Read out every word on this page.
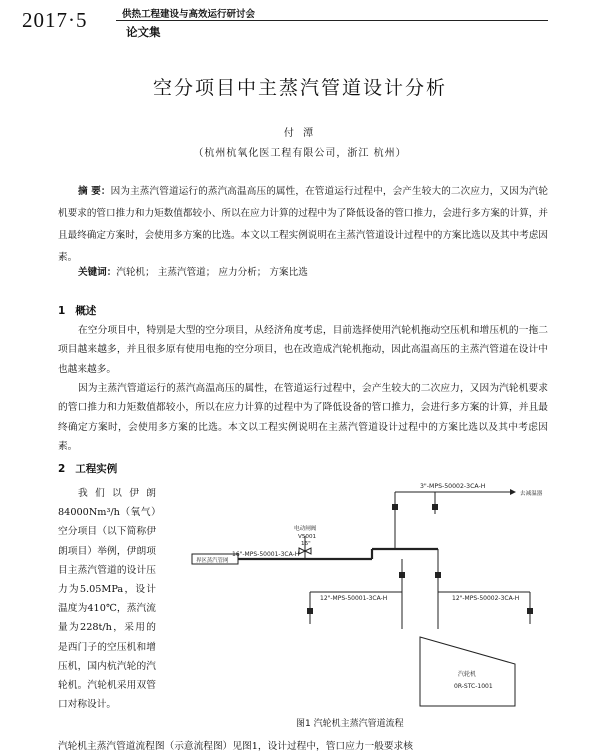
2017·5	供热工程建设与高效运行研讨会
论文集
空分项目中主蒸汽管道设计分析
付 潭
（杭州杭氧化医工程有限公司，浙江 杭州）
摘 要：因为主蒸汽管道运行的蒸汽高温高压的属性，在管道运行过程中，会产生较大的二次应力，又因为汽轮机要求的管口推力和力矩数值都较小、所以在应力计算的过程中为了降低设备的管口推力，会进行多方案的计算，并且最终确定方案时，会使用多方案的比选。本文以工程实例说明在主蒸汽管道设计过程中的方案比选以及其中考虑因素。
关键词：汽轮机； 主蒸汽管道； 应力分析； 方案比选
1 概述
在空分项目中，特别是大型的空分项目，从经济角度考虑，目前选择使用汽轮机拖动空压机和增压机的一拖二项目越来越多，并且很多原有使用电拖的空分项目，也在改造成汽轮机拖动，因此高温高压的主蒸汽管道在设计中也越来越多。
因为主蒸汽管道运行的蒸汽高温高压的属性，在管道运行过程中，会产生较大的二次应力，又因为汽轮机要求的管口推力和力矩数值都较小，所以在应力计算的过程中为了降低设备的管口推力，会进行多方案的计算，并且最终确定方案时，会使用多方案的比选。本文以工程实例说明在主蒸汽管道设计过程中的方案比选以及其中考虑因素。
2 工程实例
我们以伊朗84000Nm³/h（氧气）空分项目（以下简称伊朗项目）举例，伊朗项目主蒸汽管道的设计压力为5.05MPa，设计温度为410℃，蒸汽流量为228t/h，采用的是西门子的空压机和增压机，国内杭汽轮的汽轮机。汽轮机采用双管口对称设计。
3"-MPS-50002-3CA-H
去减温器
界区蒸汽管网
16"-MPS-50001-3CA-H
电动闸阀
V5001
16"
12"-MPS-50001-3CA-H	12"-MPS-50002-3CA-H
汽轮机
0R-STC-1001
图1 汽轮机主蒸汽管道流程
汽轮机主蒸汽管道流程图（示意流程图）见图1，设计过程中，管口应力一般要求核
